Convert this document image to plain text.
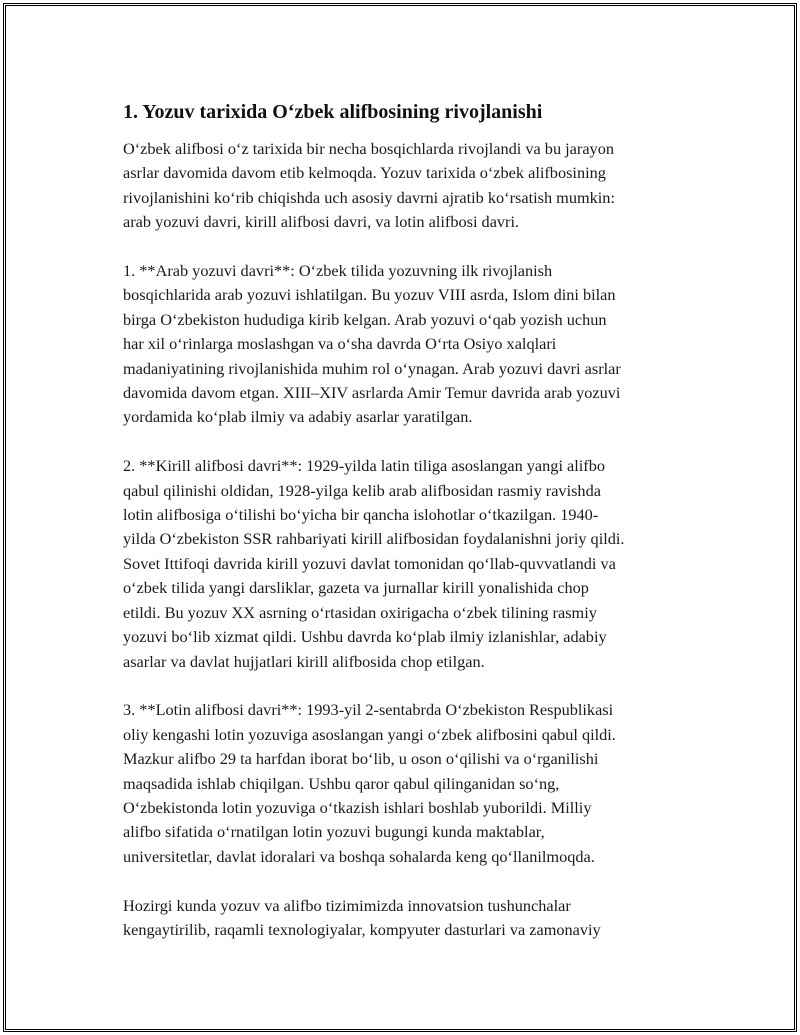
1. Yozuv tarixida O‘zbek alifbosining rivojlanishi

O‘zbek alifbosi o‘z tarixida bir necha bosqichlarda rivojlandi va bu jarayon
asrlar davomida davom etib kelmoqda. Yozuv tarixida o‘zbek alifbosining
rivojlanishini ko‘rib chiqishda uch asosiy davrni ajratib ko‘rsatish mumkin:
arab yozuvi davri, kirill alifbosi davri, va lotin alifbosi davri.

1. **Arab yozuvi davri**: O‘zbek tilida yozuvning ilk rivojlanish
bosqichlarida arab yozuvi ishlatilgan. Bu yozuv VIII asrda, Islom dini bilan
birga O‘zbekiston hududiga kirib kelgan. Arab yozuvi o‘qab yozish uchun
har xil o‘rinlarga moslashgan va o‘sha davrda O‘rta Osiyo xalqlari
madaniyatining rivojlanishida muhim rol o‘ynagan. Arab yozuvi davri asrlar
davomida davom etgan. XIII–XIV asrlarda Amir Temur davrida arab yozuvi
yordamida ko‘plab ilmiy va adabiy asarlar yaratilgan.

2. **Kirill alifbosi davri**: 1929-yilda latin tiliga asoslangan yangi alifbo
qabul qilinishi oldidan, 1928-yilga kelib arab alifbosidan rasmiy ravishda
lotin alifbosiga o‘tilishi bo‘yicha bir qancha islohotlar o‘tkazilgan. 1940-
yilda O‘zbekiston SSR rahbariyati kirill alifbosidan foydalanishni joriy qildi.
Sovet Ittifoqi davrida kirill yozuvi davlat tomonidan qo‘llab-quvvatlandi va
o‘zbek tilida yangi darsliklar, gazeta va jurnallar kirill yonalishida chop
etildi. Bu yozuv XX asrning o‘rtasidan oxirigacha o‘zbek tilining rasmiy
yozuvi bo‘lib xizmat qildi. Ushbu davrda ko‘plab ilmiy izlanishlar, adabiy
asarlar va davlat hujjatlari kirill alifbosida chop etilgan.

3. **Lotin alifbosi davri**: 1993-yil 2-sentabrda O‘zbekiston Respublikasi
oliy kengashi lotin yozuviga asoslangan yangi o‘zbek alifbosini qabul qildi.
Mazkur alifbo 29 ta harfdan iborat bo‘lib, u oson o‘qilishi va o‘rganilishi
maqsadida ishlab chiqilgan. Ushbu qaror qabul qilinganidan so‘ng,
O‘zbekistonda lotin yozuviga o‘tkazish ishlari boshlab yuborildi. Milliy
alifbo sifatida o‘rnatilgan lotin yozuvi bugungi kunda maktablar,
universitetlar, davlat idoralari va boshqa sohalarda keng qo‘llanilmoqda.

Hozirgi kunda yozuv va alifbo tizimimizda innovatsion tushunchalar
kengaytirilib, raqamli texnologiyalar, kompyuter dasturlari va zamonaviy
